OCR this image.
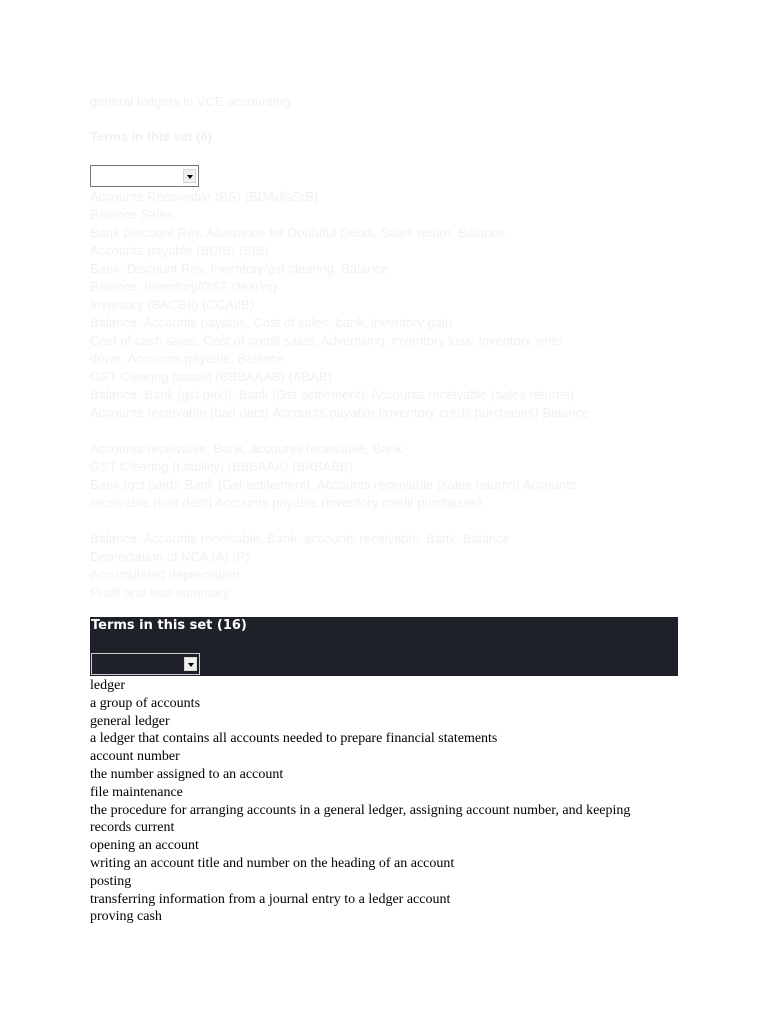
general ledgers in VCE accounting
Terms in this set (6)
Accounts Receivable (BS) (BDAdisSrB)
Balance Sales
Bank Discount Rev, Allowance for Doubtful Debts, Sales return, Balance
Accounts payable (BDIB) (BIB)
Bank, Discount Rev. Inventory/gst clearing, Balance
Balance, Inventory/GST clearing
Inventory (BACBII) (CCAIIB)
Balance, Accounts payable, Cost of sales, bank, inventory gain
Cost of cash sales, Cost of credit sales, Advertising, inventory loss, inventory write
down, Accounts payable, Balance
GST Clearing (asset) (BBBAAAB) (ABAB)
Balance, Bank (gst paid), Bank (Gst settlement), Accounts receivable (sales returns)
Accounts receivable (bad debt) Accounts payable (inventory credit purchases) Balance
Accounts receivable, Bank, accounts receivable, Bank
GST Clearing (Liability) (BBBAAA) (BABABB)
Bank (gst paid), Bank (Gst settlement), Accounts receivable (sales returns) Accounts
receivable (bad debt) Accounts payable (inventory credit purchases)
Balance, Accounts receivable, Bank, accounts receivable, Bank, Balance
Depreciation of NCA (A) (P)
Accumulated depreciation
Profit and loss summary
Terms in this set (16)
ledger
a group of accounts
general ledger
a ledger that contains all accounts needed to prepare financial statements
account number
the number assigned to an account
file maintenance
the procedure for arranging accounts in a general ledger, assigning account number, and keeping
records current
opening an account
writing an account title and number on the heading of an account
posting
transferring information from a journal entry to a ledger account
proving cash
